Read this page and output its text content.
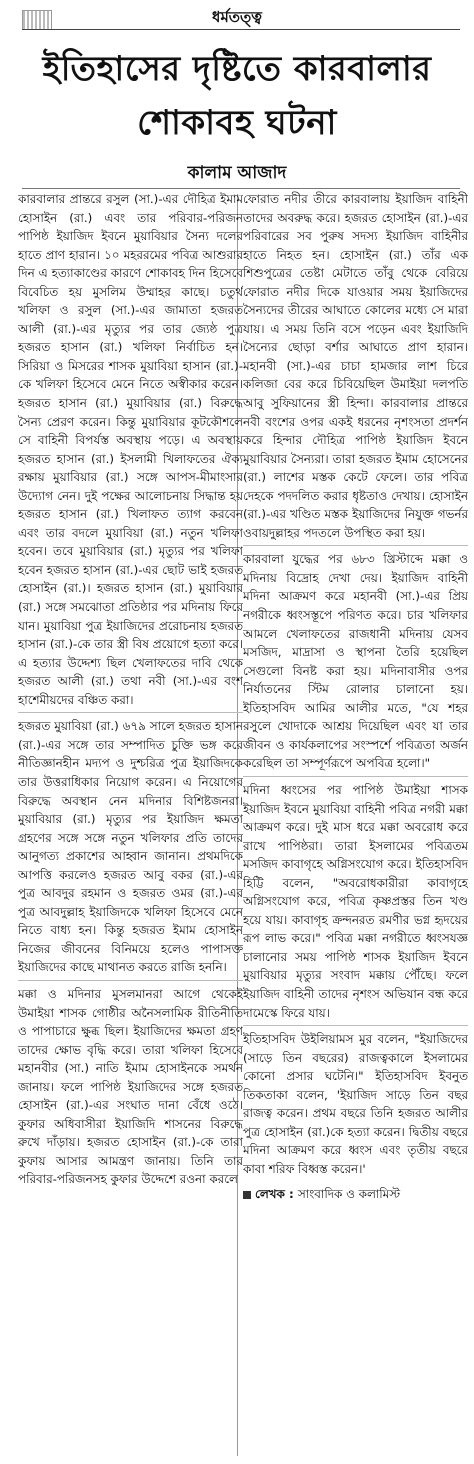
ধর্মতত্ত্ব
ইতিহাসের দৃষ্টিতে কারবালার
শোকাবহ ঘটনা
কালাম আজাদ

কারবালার প্রান্তরে রসুল (সা.)-এর দৌহিত্র ইমাম হোসাইন (রা.) এবং তার পরিবার-পরিজন পাপিষ্ঠ ইয়াজিদ ইবনে মুয়াবিয়ার সৈন্য দলের হাতে প্রাণ হারান। ১০ মহররমের পবিত্র আশুরার দিন এ হত্যাকাণ্ডের কারণে শোকাবহ দিন হিসেবে বিবেচিত হয় মুসলিম উম্মাহর কাছে। চতুর্থ খলিফা ও রসুল (সা.)-এর জামাতা হজরত আলী (রা.)-এর মৃত্যুর পর তার জ্যেষ্ঠ পুত্র হজরত হাসান (রা.) খলিফা নির্বাচিত হন। সিরিয়া ও মিসরের শাসক মুয়াবিয়া হাসান (রা.)-কে খলিফা হিসেবে মেনে নিতে অস্বীকার করেন। হজরত হাসান (রা.) মুয়াবিয়ার (রা.) বিরুদ্ধে সৈন্য প্রেরণ করেন। কিন্তু মুয়াবিয়ার কূটকৌশলে সে বাহিনী বিপর্যস্ত অবস্থায় পড়ে। এ অবস্থায় হজরত হাসান (রা.) ইসলামী খিলাফতের ঐক্য রক্ষায় মুয়াবিয়ার (রা.) সঙ্গে আপস-মীমাংসার উদ্যোগ নেন। দুই পক্ষের আলোচনায় সিদ্ধান্ত হয় হজরত হাসান (রা.) খিলাফত ত্যাগ করবেন এবং তার বদলে মুয়াবিয়া (রা.) নতুন খলিফা হবেন। তবে মুয়াবিয়ার (রা.) মৃত্যুর পর খলিফা হবেন হজরত হাসান (রা.)-এর ছোট ভাই হজরত হোসাইন (রা.)। হজরত হাসান (রা.) মুয়াবিয়ার (রা.) সঙ্গে সমঝোতা প্রতিষ্ঠার পর মদিনায় ফিরে যান। মুয়াবিয়া পুত্র ইয়াজিদের প্ররোচনায় হজরত হাসান (রা.)-কে তার স্ত্রী বিষ প্রয়োগে হত্যা করে। এ হত্যার উদ্দেশ্য ছিল খেলাফতের দাবি থেকে হজরত আলী (রা.) তথা নবী (সা.)-এর বংশ হাশেমীয়দের বঞ্চিত করা।

হজরত মুয়াবিয়া (রা.) ৬৭৯ সালে হজরত হাসান (রা.)-এর সঙ্গে তার সম্পাদিত চুক্তি ভঙ্গ করে নীতিজ্ঞানহীন মদ্যপ ও দুশ্চরিত্র পুত্র ইয়াজিদকে তার উত্তরাধিকার নিয়োগ করেন। এ নিয়োগের বিরুদ্ধে অবস্থান নেন মদিনার বিশিষ্টজনরা। মুয়াবিয়ার (রা.) মৃত্যুর পর ইয়াজিদ ক্ষমতা গ্রহণের সঙ্গে সঙ্গে নতুন খলিফার প্রতি তাদের আনুগত্য প্রকাশের আহ্বান জানান। প্রথমদিকে আপত্তি করলেও হজরত আবু বকর (রা.)-এর পুত্র আবদুর রহমান ও হজরত ওমর (রা.)-এর পুত্র আবদুল্লাহ ইয়াজিদকে খলিফা হিসেবে মেনে নিতে বাধ্য হন। কিন্তু হজরত ইমাম হোসাইন নিজের জীবনের বিনিময়ে হলেও পাপাসক্ত ইয়াজিদের কাছে মাথানত করতে রাজি হননি।

মক্কা ও মদিনার মুসলমানরা আগে থেকেই উমাইয়া শাসক গোষ্ঠীর অনৈসলামিক রীতিনীতি ও পাপাচারে ক্ষুব্ধ ছিল। ইয়াজিদের ক্ষমতা গ্রহণ তাদের ক্ষোভ বৃদ্ধি করে। তারা খলিফা হিসেবে মহানবীর (সা.) নাতি ইমাম হোসাইনকে সমর্থন জানায়। ফলে পাপিষ্ঠ ইয়াজিদের সঙ্গে হজরত হোসাইন (রা.)-এর সংঘাত দানা বেঁধে ওঠে। কুফার অধিবাসীরা ইয়াজিদি শাসনের বিরুদ্ধে রুখে দাঁড়ায়। হজরত হোসাইন (রা.)-কে তারা কুফায় আসার আমন্ত্রণ জানায়। তিনি তার পরিবার-পরিজনসহ কুফার উদ্দেশে রওনা করলে

ফোরাত নদীর তীরে কারবালায় ইয়াজিদ বাহিনী তাদের অবরুদ্ধ করে। হজরত হোসাইন (রা.)-এর পরিবারের সব পুরুষ সদস্য ইয়াজিদ বাহিনীর হাতে নিহত হন। হোসাইন (রা.) তাঁর এক শিশুপুত্রের তেষ্টা মেটাতে তাঁবু থেকে বেরিয়ে ফোরাত নদীর দিকে যাওয়ার সময় ইয়াজিদের সৈন্যদের তীরের আঘাতে কোলের মধ্যে সে মারা যায়। এ সময় তিনি বসে পড়েন এবং ইয়াজিদি সৈন্যের ছোড়া বর্শার আঘাতে প্রাণ হারান। মহানবী (সা.)-এর চাচা হামজার লাশ চিরে কলিজা বের করে চিবিয়েছিল উমাইয়া দলপতি আবু সুফিয়ানের স্ত্রী হিন্দা। কারবালার প্রান্তরে নবী বংশের ওপর একই ধরনের নৃশংসতা প্রদর্শন করে হিন্দার দৌহিত্র পাপিষ্ঠ ইয়াজিদ ইবনে মুয়াবিয়ার সৈন্যরা। তারা হজরত ইমাম হোসেনের (রা.) লাশের মস্তক কেটে ফেলে। তার পবিত্র দেহকে পদদলিত করার ধৃষ্টতাও দেখায়। হোসাইন (রা.)-এর খণ্ডিত মস্তক ইয়াজিদের নিযুক্ত গভর্নর ওবায়দুল্লাহর পদতলে উপস্থিত করা হয়।

কারবালা যুদ্ধের পর ৬৮৩ খ্রিস্টাব্দে মক্কা ও মদিনায় বিদ্রোহ দেখা দেয়। ইয়াজিদ বাহিনী মদিনা আক্রমণ করে মহানবী (সা.)-এর প্রিয় নগরীকে ধ্বংসস্তূপে পরিণত করে। চার খলিফার আমলে খেলাফতের রাজধানী মদিনায় যেসব মসজিদ, মাদ্রাসা ও স্থাপনা তৈরি হয়েছিল সেগুলো বিনষ্ট করা হয়। মদিনাবাসীর ওপর নির্যাতনের স্টিম রোলার চালানো হয়। ইতিহাসবিদ আমির আলীর মতে, "যে শহর রসুলে খোদাকে আশ্রয় দিয়েছিল এবং যা তার জীবন ও কার্যকলাপের সংস্পর্শে পবিত্রতা অর্জন করেছিল তা সম্পূর্ণরূপে অপবিত্র হলো।"

মদিনা ধ্বংসের পর পাপিষ্ঠ উমাইয়া শাসক ইয়াজিদ ইবনে মুয়াবিয়া বাহিনী পবিত্র নগরী মক্কা আক্রমণ করে। দুই মাস ধরে মক্কা অবরোধ করে রাখে পাপিষ্ঠরা। তারা ইসলামের পবিত্রতম মসজিদ কাবাগৃহে অগ্নিসংযোগ করে। ইতিহাসবিদ হিট্টি বলেন, "অবরোধকারীরা কাবাগৃহে অগ্নিসংযোগ করে, পবিত্র কৃষ্ণপ্রস্তর তিন খণ্ড হয়ে যায়। কাবাগৃহ ক্রন্দনরত রমণীর ভগ্ন হৃদয়ের রূপ লাভ করে।" পবিত্র মক্কা নগরীতে ধ্বংসযজ্ঞ চালানোর সময় পাপিষ্ঠ শাসক ইয়াজিদ ইবনে মুয়াবিয়ার মৃত্যুর সংবাদ মক্কায় পৌঁছে। ফলে ইয়াজিদ বাহিনী তাদের নৃশংস অভিযান বন্ধ করে দামেস্কে ফিরে যায়।

ইতিহাসবিদ উইলিয়ামস মুর বলেন, "ইয়াজিদের (সাড়ে তিন বছরের) রাজত্বকালে ইসলামের কোনো প্রসার ঘটেনি।" ইতিহাসবিদ ইবনুত তিকতাকা বলেন, 'ইয়াজিদ সাড়ে তিন বছর রাজত্ব করেন। প্রথম বছরে তিনি হজরত আলীর পুত্র হোসাইন (রা.)কে হত্যা করেন। দ্বিতীয় বছরে মদিনা আক্রমণ করে ধ্বংস এবং তৃতীয় বছরে কাবা শরিফ বিধ্বস্ত করেন।'

লেখক : সাংবাদিক ও কলামিস্ট
